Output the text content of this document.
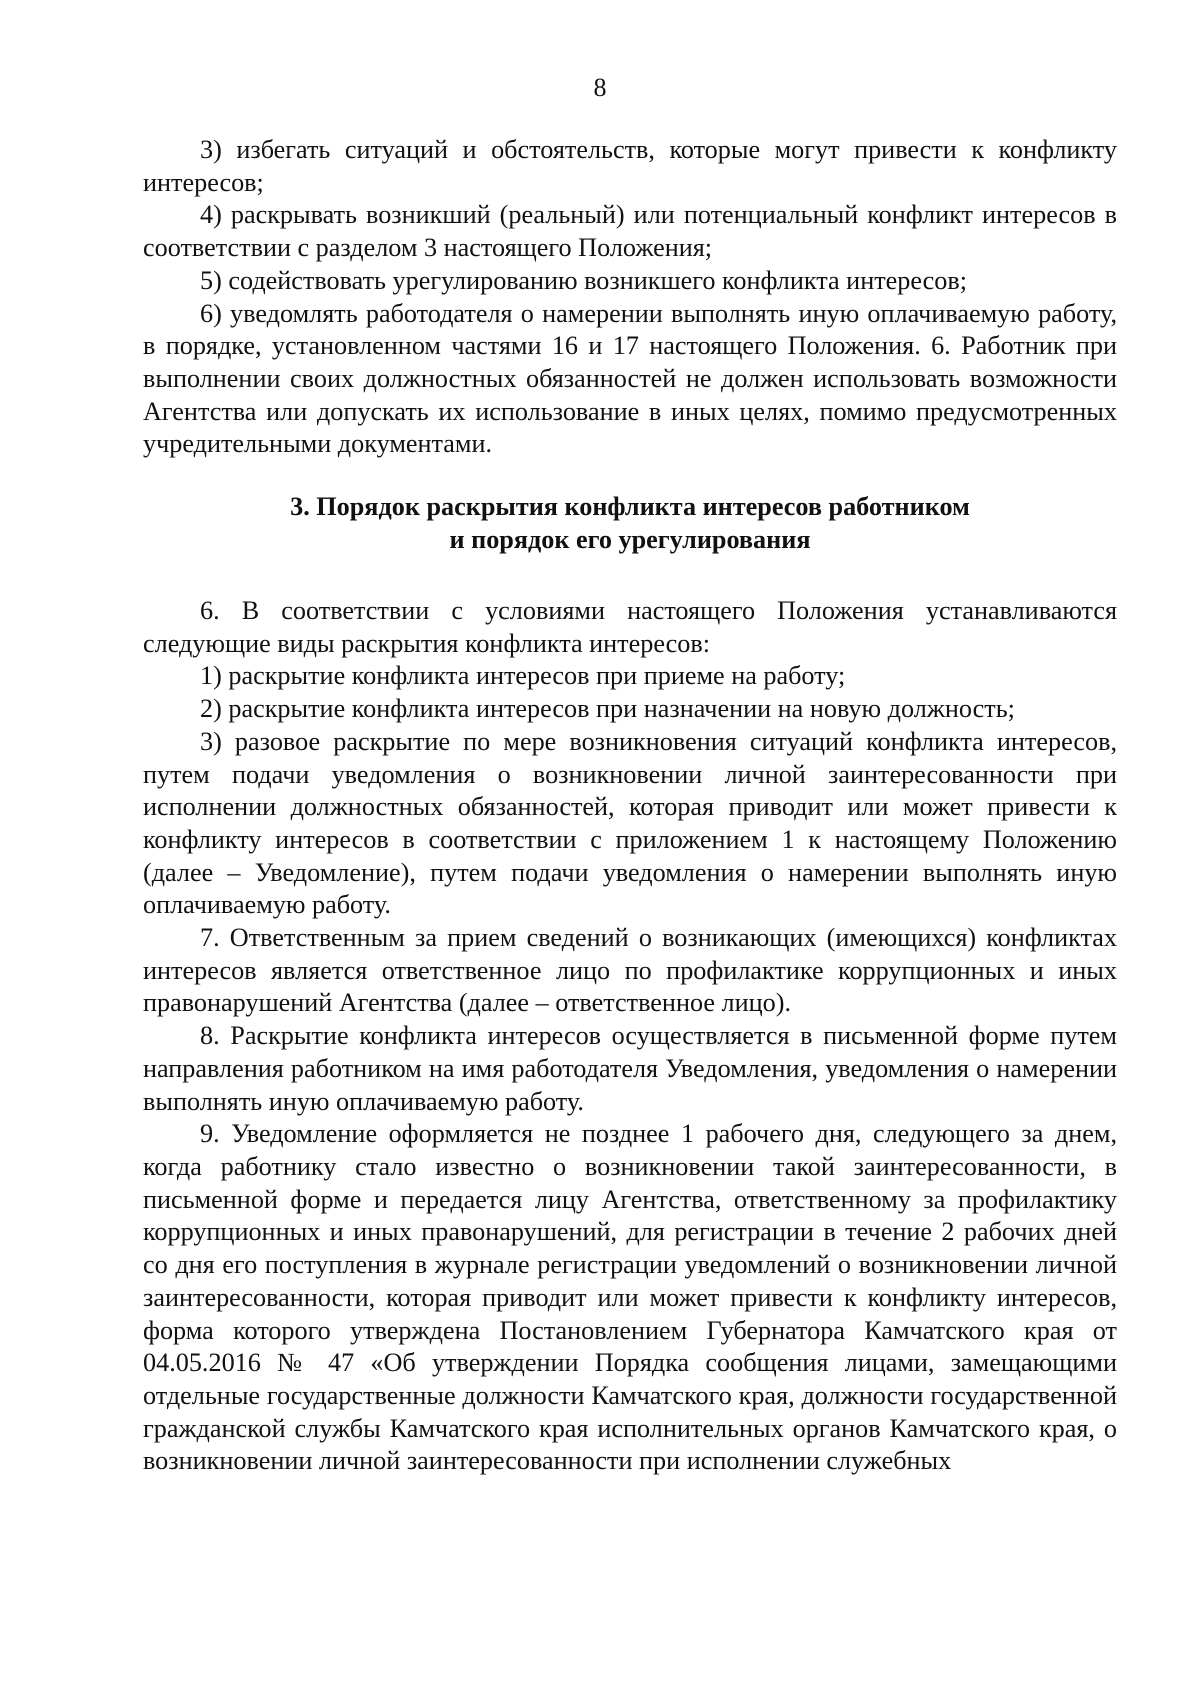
8

3) избегать ситуаций и обстоятельств, которые могут привести к конфликту интересов;

4) раскрывать возникший (реальный) или потенциальный конфликт интересов в соответствии с разделом 3 настоящего Положения;

5) содействовать урегулированию возникшего конфликта интересов;

6) уведомлять работодателя о намерении выполнять иную оплачиваемую работу, в порядке, установленном частями 16 и 17 настоящего Положения. 6. Работник при выполнении своих должностных обязанностей не должен использовать возможности Агентства или допускать их использование в иных целях, помимо предусмотренных учредительными документами.

3. Порядок раскрытия конфликта интересов работником
и порядок его урегулирования

6. В соответствии с условиями настоящего Положения устанавливаются следующие виды раскрытия конфликта интересов:

1) раскрытие конфликта интересов при приеме на работу;

2) раскрытие конфликта интересов при назначении на новую должность;

3) разовое раскрытие по мере возникновения ситуаций конфликта интересов, путем подачи уведомления о возникновении личной заинтересованности при исполнении должностных обязанностей, которая приводит или может привести к конфликту интересов в соответствии с приложением 1 к настоящему Положению (далее – Уведомление), путем подачи уведомления о намерении выполнять иную оплачиваемую работу.

7. Ответственным за прием сведений о возникающих (имеющихся) конфликтах интересов является ответственное лицо по профилактике коррупционных и иных правонарушений Агентства (далее – ответственное лицо).

8. Раскрытие конфликта интересов осуществляется в письменной форме путем направления работником на имя работодателя Уведомления, уведомления о намерении выполнять иную оплачиваемую работу.

9. Уведомление оформляется не позднее 1 рабочего дня, следующего за днем, когда работнику стало известно о возникновении такой заинтересованности, в письменной форме и передается лицу Агентства, ответственному за профилактику коррупционных и иных правонарушений, для регистрации в течение 2 рабочих дней со дня его поступления в журнале регистрации уведомлений о возникновении личной заинтересованности, которая приводит или может привести к конфликту интересов, форма которого утверждена Постановлением Губернатора Камчатского края от 04.05.2016 № 47 «Об утверждении Порядка сообщения лицами, замещающими отдельные государственные должности Камчатского края, должности государственной гражданской службы Камчатского края исполнительных органов Камчатского края, о возникновении личной заинтересованности при исполнении служебных
